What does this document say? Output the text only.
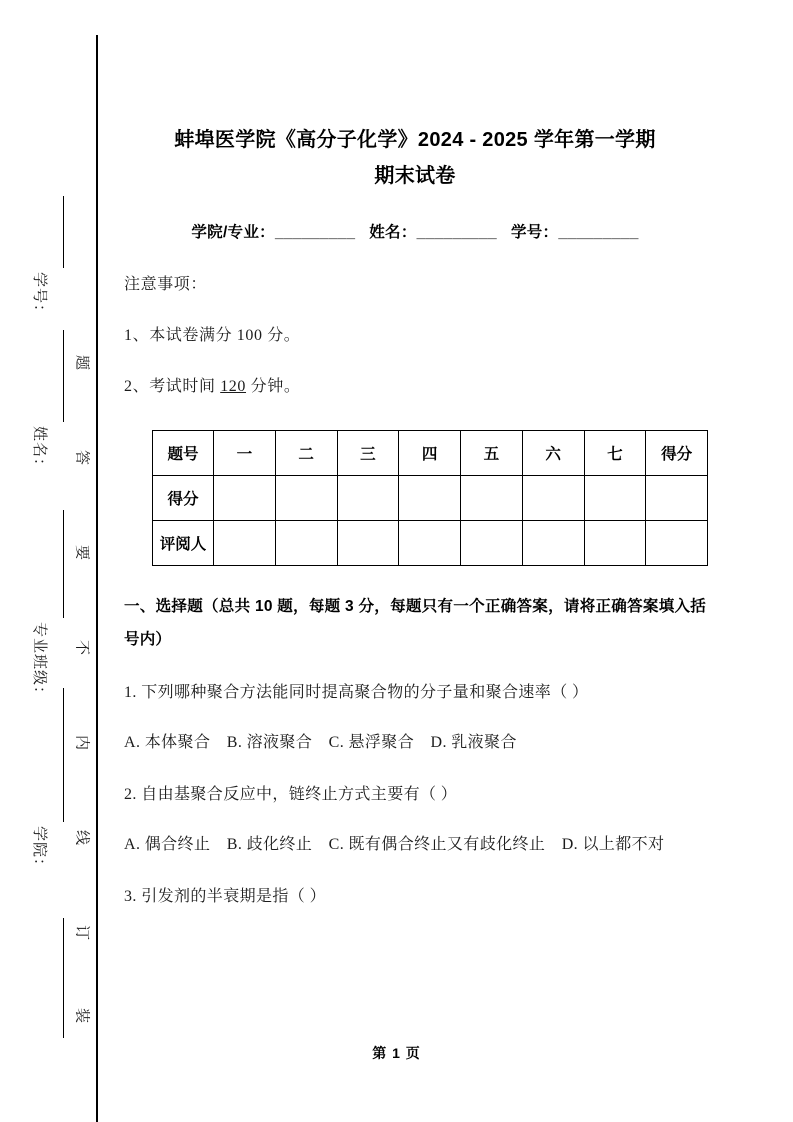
学号：
姓名：
专业班级：
学院：
题
答
要
不
内
线
订
装
蚌埠医学院《高分子化学》2024 - 2025 学年第一学期
期末试卷
学院/专业：_________ 姓名：_________ 学号：_________
注意事项：
1、本试卷满分 100 分。
2、考试时间 120 分钟。
题号	一	二	三	四	五	六	七	得分
得分								
评阅人								
一、选择题（总共 10 题，每题 3 分，每题只有一个正确答案，请将正确答案填入括号内）
1. 下列哪种聚合方法能同时提高聚合物的分子量和聚合速率（ ）
A. 本体聚合　B. 溶液聚合　C. 悬浮聚合　D. 乳液聚合
2. 自由基聚合反应中，链终止方式主要有（ ）
A. 偶合终止　B. 歧化终止　C. 既有偶合终止又有歧化终止　D. 以上都不对
3. 引发剂的半衰期是指（ ）
第 1 页
